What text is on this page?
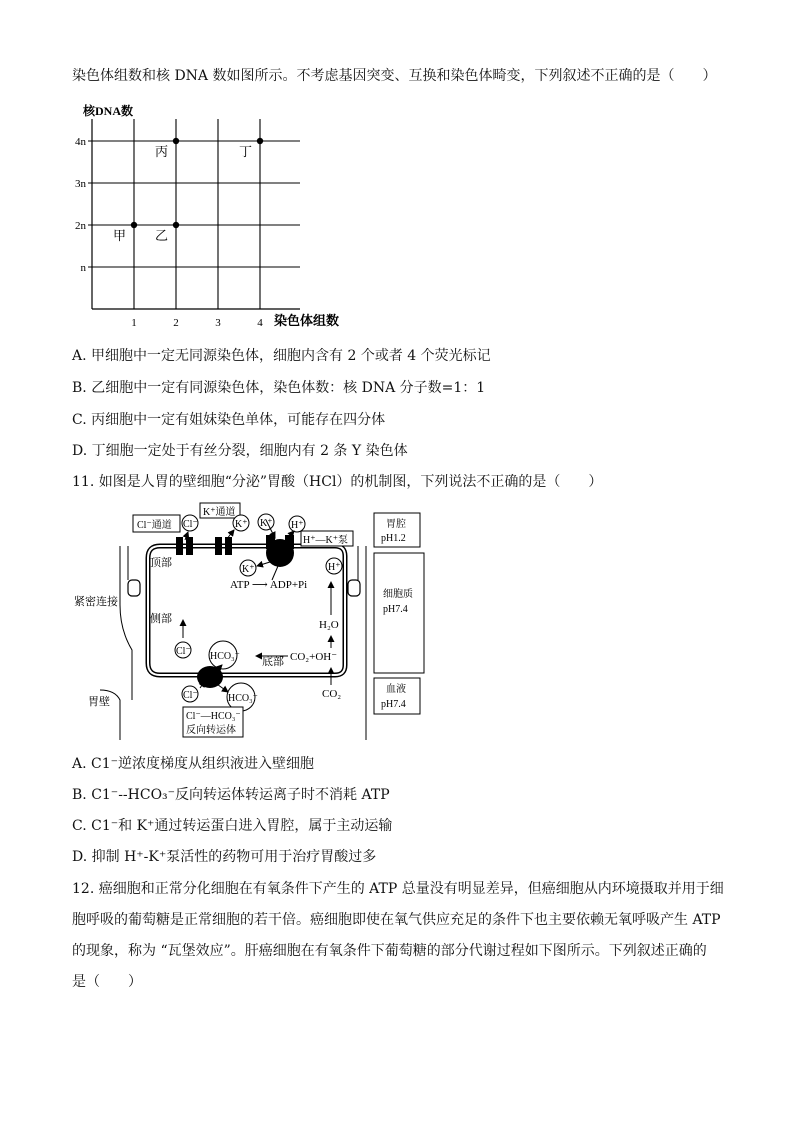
染色体组数和核 DNA 数如图所示。不考虑基因突变、互换和染色体畸变，下列叙述不正确的是（　　）
核DNA数
染色体组数
n
2n
3n
4n
1	2	3	4
甲 乙
丙	丁
A. 甲细胞中一定无同源染色体，细胞内含有 2 个或者 4 个荧光标记
B. 乙细胞中一定有同源染色体，染色体数：核 DNA 分子数=1：1
C. 丙细胞中一定有姐妹染色单体，可能存在四分体
D. 丁细胞一定处于有丝分裂，细胞内有 2 条 Y 染色体
11. 如图是人胃的壁细胞“分泌”胃酸（HCl）的机制图，下列说法不正确的是（　　）
Cl⁻通道 Cl⁻
K⁺通道
K⁺ K⁺ H⁺
H⁺—K⁺泵
K⁺
ATP ⟶ ADP+Pi
顶部
侧部
底部
紧密连接
胃壁
H⁺
H₂O
CO₂+OH⁻
CO₂
HCO₃⁻
Cl⁻
Cl⁻	HCO₃⁻
Cl⁻—HCO₃⁻
反向转运体
胃腔
pH1.2
细胞质
pH7.4
血液
pH7.4
A. C1⁻逆浓度梯度从组织液进入壁细胞
B. C1⁻--HCO₃⁻反向转运体转运离子时不消耗 ATP
C. C1⁻和 K⁺通过转运蛋白进入胃腔，属于主动运输
D. 抑制 H⁺-K⁺泵活性的药物可用于治疗胃酸过多
12. 癌细胞和正常分化细胞在有氧条件下产生的 ATP 总量没有明显差异，但癌细胞从内环境摄取并用于细
胞呼吸的葡萄糖是正常细胞的若干倍。癌细胞即使在氧气供应充足的条件下也主要依赖无氧呼吸产生 ATP
的现象，称为 “瓦堡效应”。肝癌细胞在有氧条件下葡萄糖的部分代谢过程如下图所示。下列叙述正确的
是（　　）
